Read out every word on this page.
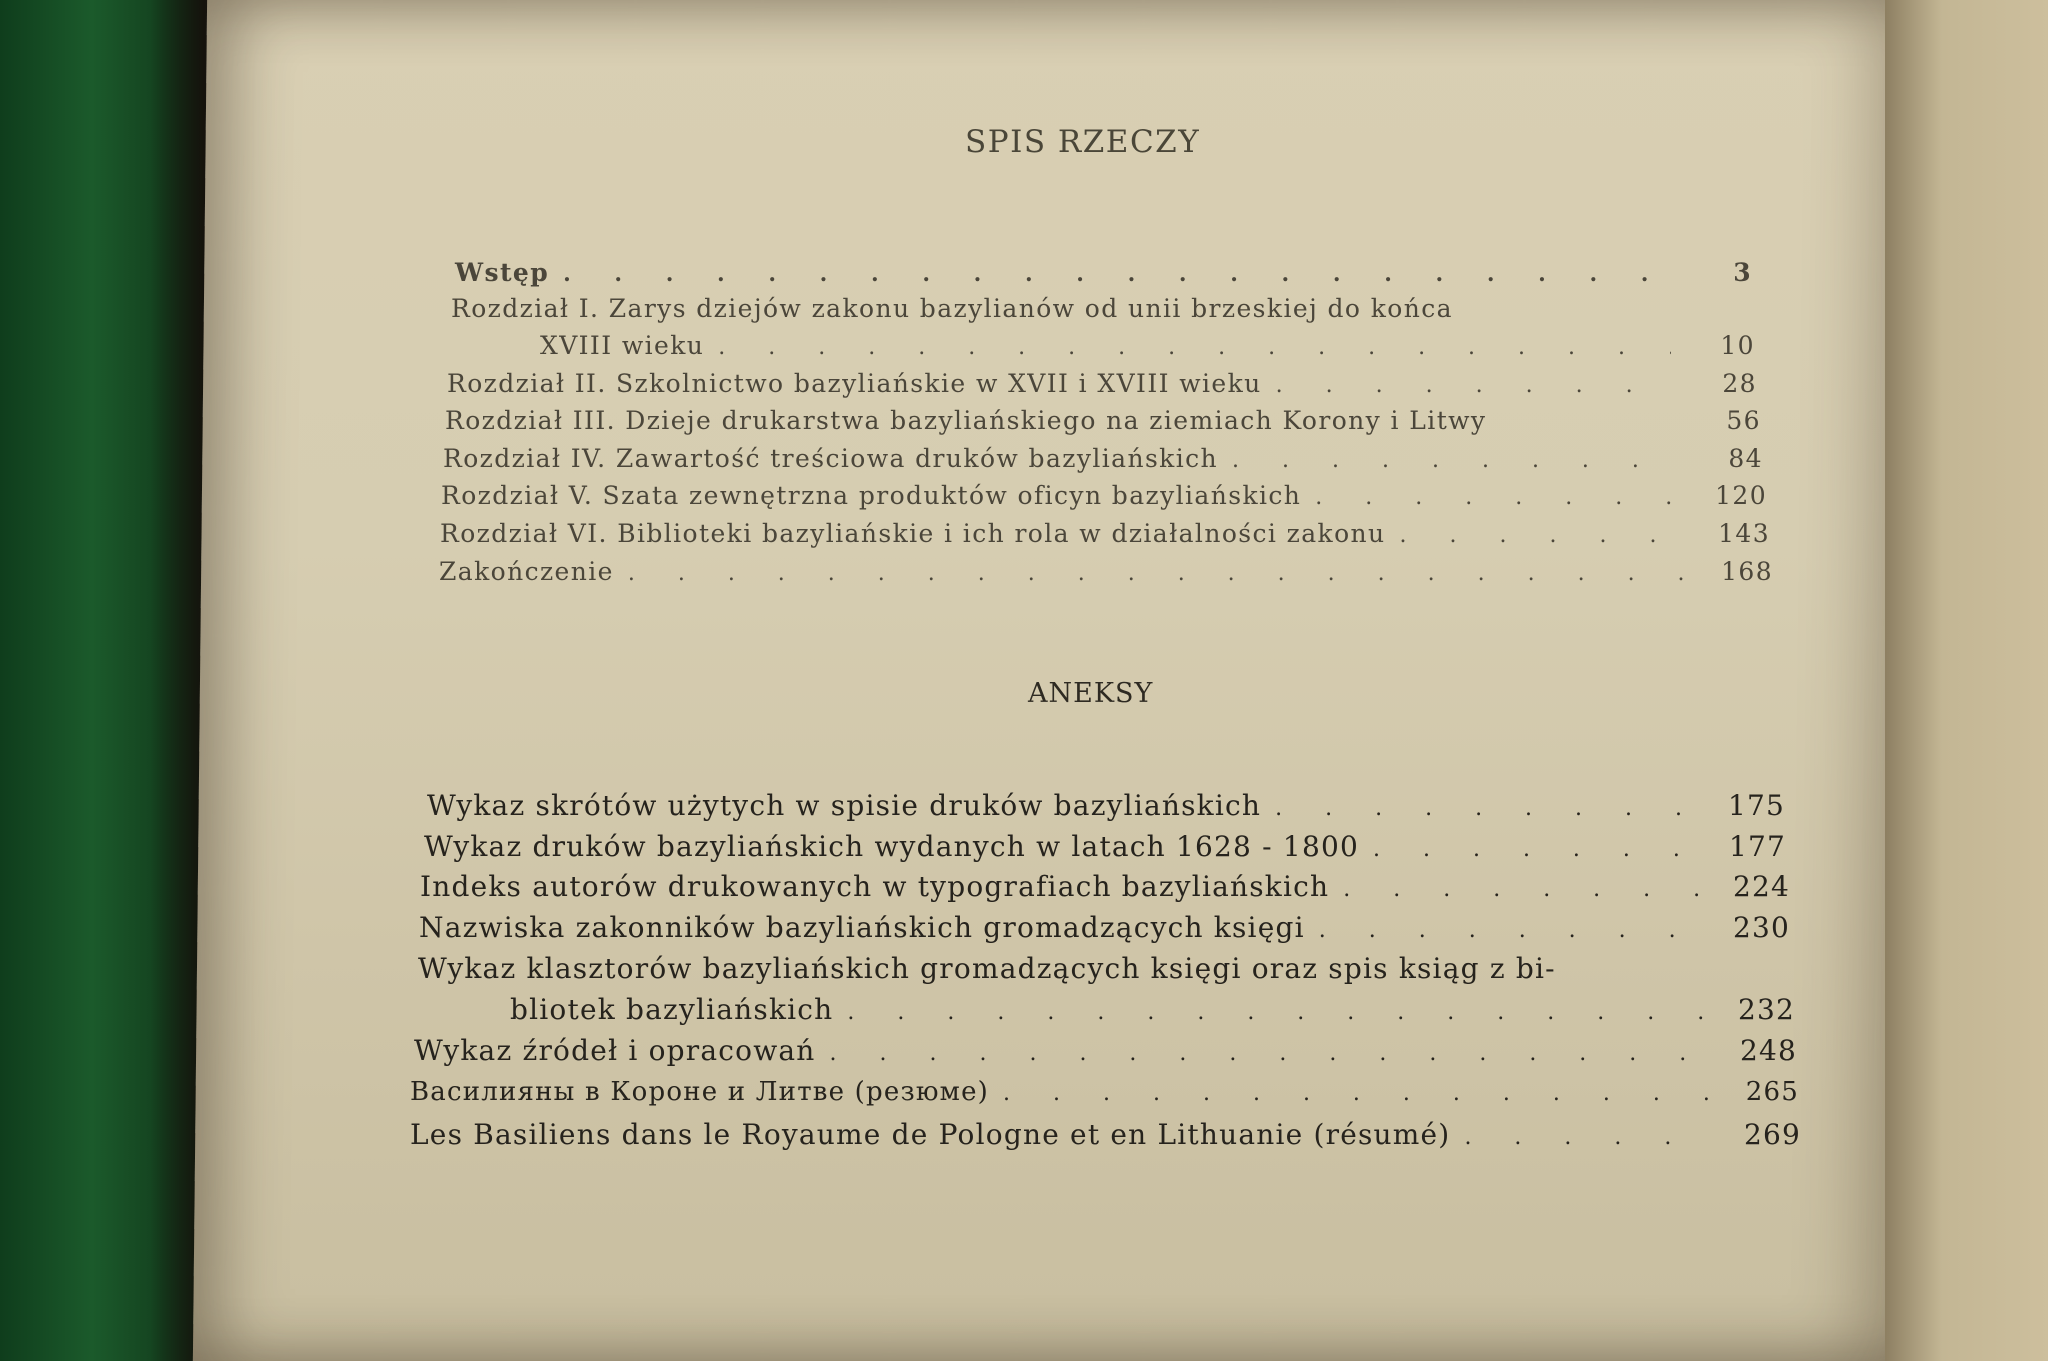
SPIS RZECZY
Wstęp . . .	3
Rozdział I. Zarys dziejów zakonu bazylianów od unii brzeskiej do końca
XVIII wieku . . .	10
Rozdział II. Szkolnictwo bazyliańskie w XVII i XVIII wieku . . .	28
Rozdział III. Dzieje drukarstwa bazyliańskiego na ziemiach Korony i Litwy	56
Rozdział IV. Zawartość treściowa druków bazyliańskich . . .	84
Rozdział V. Szata zewnętrzna produktów oficyn bazyliańskich . . .	120
Rozdział VI. Biblioteki bazyliańskie i ich rola w działalności zakonu . . .	143
Zakończenie . . .	168
ANEKSY
Wykaz skrótów użytych w spisie druków bazyliańskich . . .	175
Wykaz druków bazyliańskich wydanych w latach 1628 - 1800 . . .	177
Indeks autorów drukowanych w typografiach bazyliańskich . . .	224
Nazwiska zakonników bazyliańskich gromadzących księgi . . .	230
Wykaz klasztorów bazyliańskich gromadzących księgi oraz spis ksiąg z bi-
bliotek bazyliańskich . . .	232
Wykaz źródeł i opracowań . . .	248
Василияны в Короне и Литве (резюме) . . .	265
Les Basiliens dans le Royaume de Pologne et en Lithuanie (résumé) . . .	269
